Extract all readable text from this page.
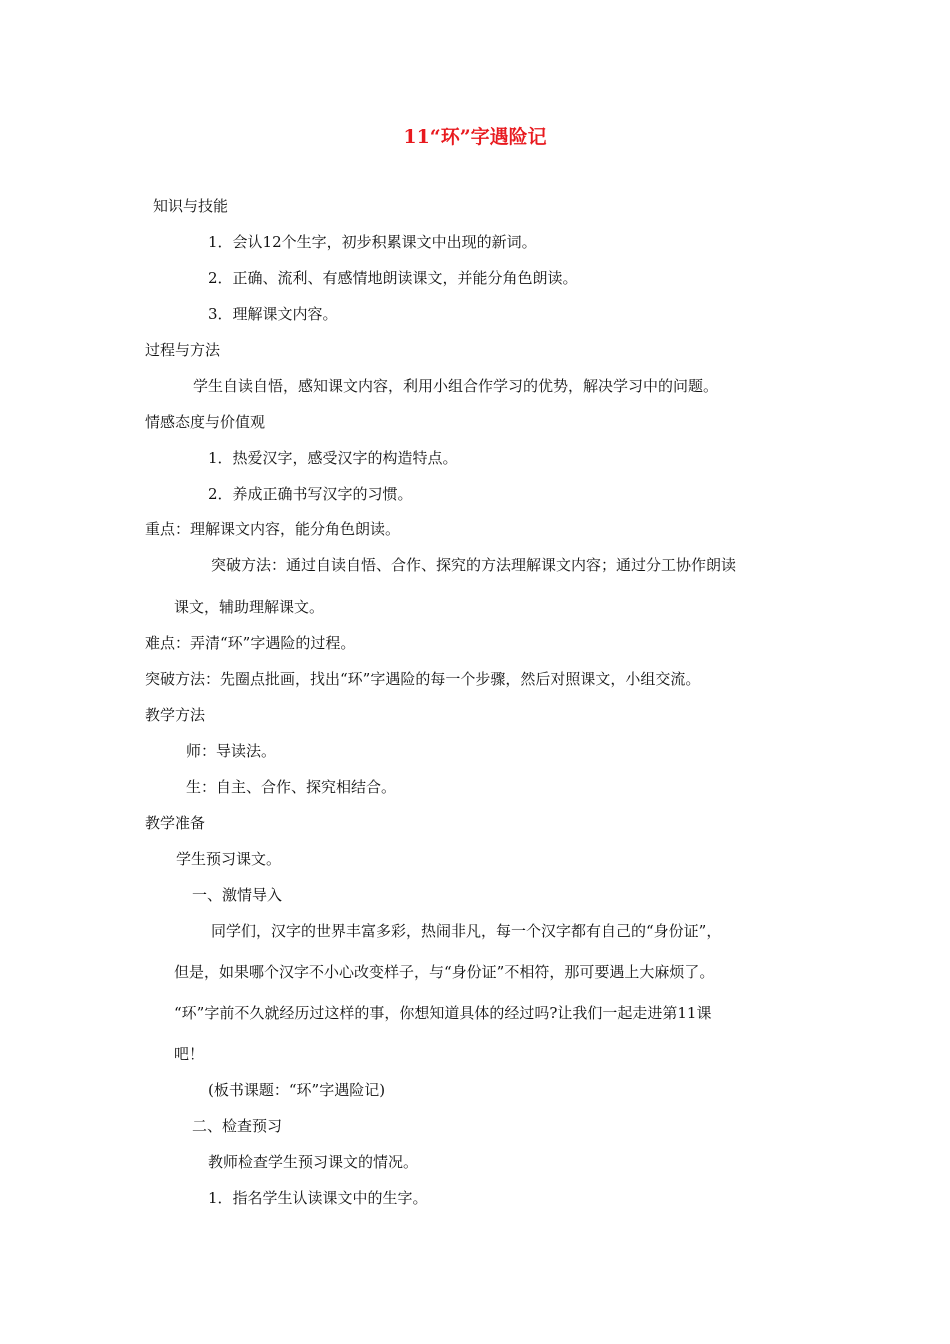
11“环”字遇险记
知识与技能
1．会认12个生字，初步积累课文中出现的新词。
2．正确、流利、有感情地朗读课文，并能分角色朗读。
3．理解课文内容。
过程与方法
学生自读自悟，感知课文内容，利用小组合作学习的优势，解决学习中的问题。
情感态度与价值观
1．热爱汉字，感受汉字的构造特点。
2．养成正确书写汉字的习惯。
重点：理解课文内容，能分角色朗读。
突破方法：通过自读自悟、合作、探究的方法理解课文内容；通过分工协作朗读
课文，辅助理解课文。
难点：弄清“环”字遇险的过程。
突破方法：先圈点批画，找出“环”字遇险的每一个步骤，然后对照课文，小组交流。
教学方法
师：导读法。
生：自主、合作、探究相结合。
教学准备
学生预习课文。
一、激情导入
同学们，汉字的世界丰富多彩，热闹非凡，每一个汉字都有自己的“身份证”，
但是，如果哪个汉字不小心改变样子，与“身份证”不相符，那可要遇上大麻烦了。
“环”字前不久就经历过这样的事，你想知道具体的经过吗?让我们一起走进第11课
吧！
(板书课题：“环”字遇险记)
二、检查预习
教师检查学生预习课文的情况。
1．指名学生认读课文中的生字。
